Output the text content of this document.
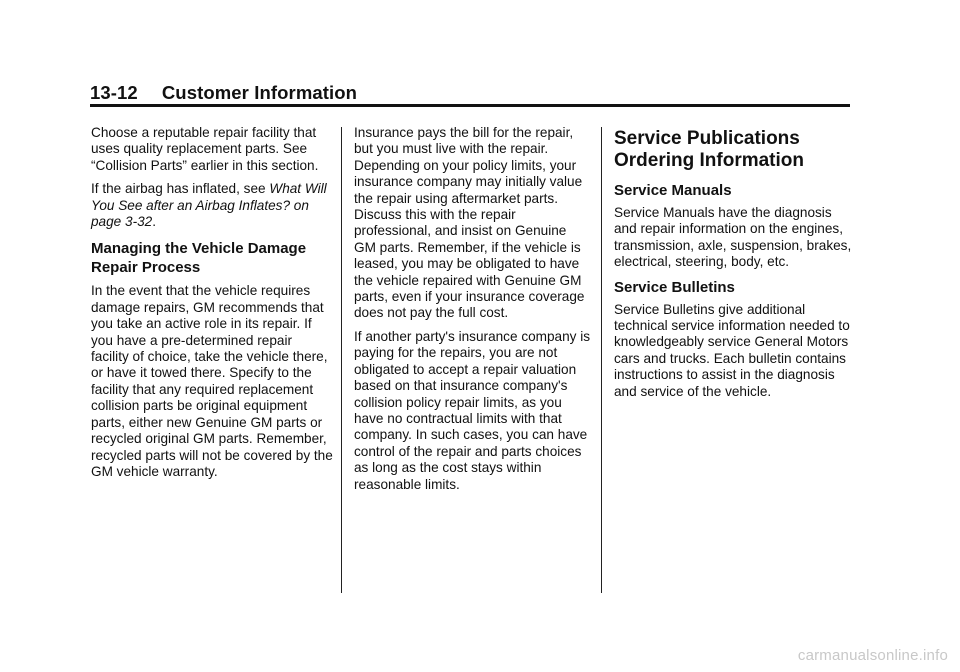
13-12 Customer Information

Choose a reputable repair facility that uses quality replacement parts. See “Collision Parts” earlier in this section.

If the airbag has inflated, see What Will You See after an Airbag Inflates? on page 3-32.

Managing the Vehicle Damage Repair Process

In the event that the vehicle requires damage repairs, GM recommends that you take an active role in its repair. If you have a pre-determined repair facility of choice, take the vehicle there, or have it towed there. Specify to the facility that any required replacement collision parts be original equipment parts, either new Genuine GM parts or recycled original GM parts. Remember, recycled parts will not be covered by the GM vehicle warranty.

Insurance pays the bill for the repair, but you must live with the repair. Depending on your policy limits, your insurance company may initially value the repair using aftermarket parts. Discuss this with the repair professional, and insist on Genuine GM parts. Remember, if the vehicle is leased, you may be obligated to have the vehicle repaired with Genuine GM parts, even if your insurance coverage does not pay the full cost.

If another party's insurance company is paying for the repairs, you are not obligated to accept a repair valuation based on that insurance company's collision policy repair limits, as you have no contractual limits with that company. In such cases, you can have control of the repair and parts choices as long as the cost stays within reasonable limits.

Service Publications Ordering Information
Service Manuals

Service Manuals have the diagnosis and repair information on the engines, transmission, axle, suspension, brakes, electrical, steering, body, etc.

Service Bulletins

Service Bulletins give additional technical service information needed to knowledgeably service General Motors cars and trucks. Each bulletin contains instructions to assist in the diagnosis and service of the vehicle.

carmanualsonline.info
